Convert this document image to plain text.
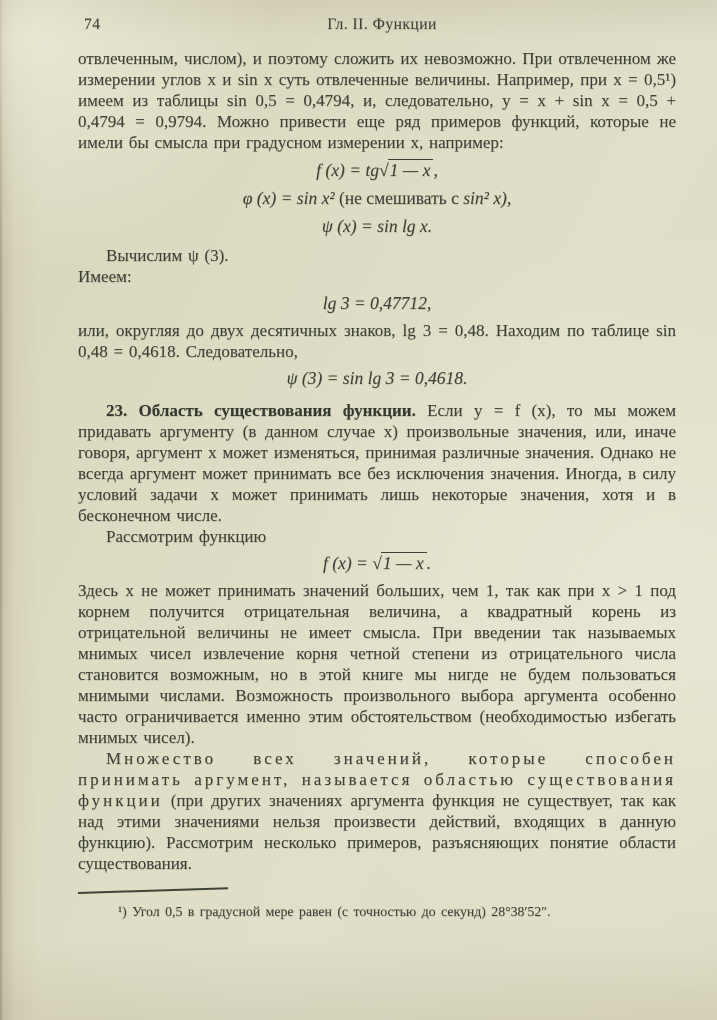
74	Гл. II. Функции

отвлеченным, числом), и поэтому сложить их невозможно. При отвлеченном же измерении углов x и sin x суть отвлеченные величины. Например, при x = 0,5¹) имеем из таблицы sin 0,5 = 0,4794, и, следовательно, y = x + sin x = 0,5 + 0,4794 = 0,9794. Можно привести еще ряд примеров функций, которые не имели бы смысла при градусном измерении x, например:

f (x) = tg√1 — x ,
φ (x) = sin x² (не смешивать с sin² x),
ψ (x) = sin lg x.

Вычислим ψ (3).

Имеем:

lg 3 = 0,47712,

или, округляя до двух десятичных знаков, lg 3 = 0,48. Находим по таблице sin 0,48 = 0,4618. Следовательно,

ψ (3) = sin lg 3 = 0,4618.

23. Область существования функции. Если y = f (x), то мы можем придавать аргументу (в данном случае x) произвольные значения, или, иначе говоря, аргумент x может изменяться, принимая различные значения. Однако не всегда аргумент может принимать все без исключения значения. Иногда, в силу условий задачи x может принимать лишь некоторые значения, хотя и в бесконечном числе.

Рассмотрим функцию

f (x) = √1 — x .

Здесь x не может принимать значений больших, чем 1, так как при x > 1 под корнем получится отрицательная величина, а квадратный корень из отрицательной величины не имеет смысла. При введении так называемых мнимых чисел извлечение корня четной степени из отрицательного числа становится возможным, но в этой книге мы нигде не будем пользоваться мнимыми числами. Возможность произвольного выбора аргумента особенно часто ограничивается именно этим обстоятельством (необходимостью избегать мнимых чисел).

Множество всех значений, которые способен принимать аргумент, называется областью существования функции (при других значениях аргумента функция не существует, так как над этими значениями нельзя произвести действий, входящих в данную функцию). Рассмотрим несколько примеров, разъясняющих понятие области существования.

¹) Угол 0,5 в градусной мере равен (с точностью до секунд) 28°38′52″.
